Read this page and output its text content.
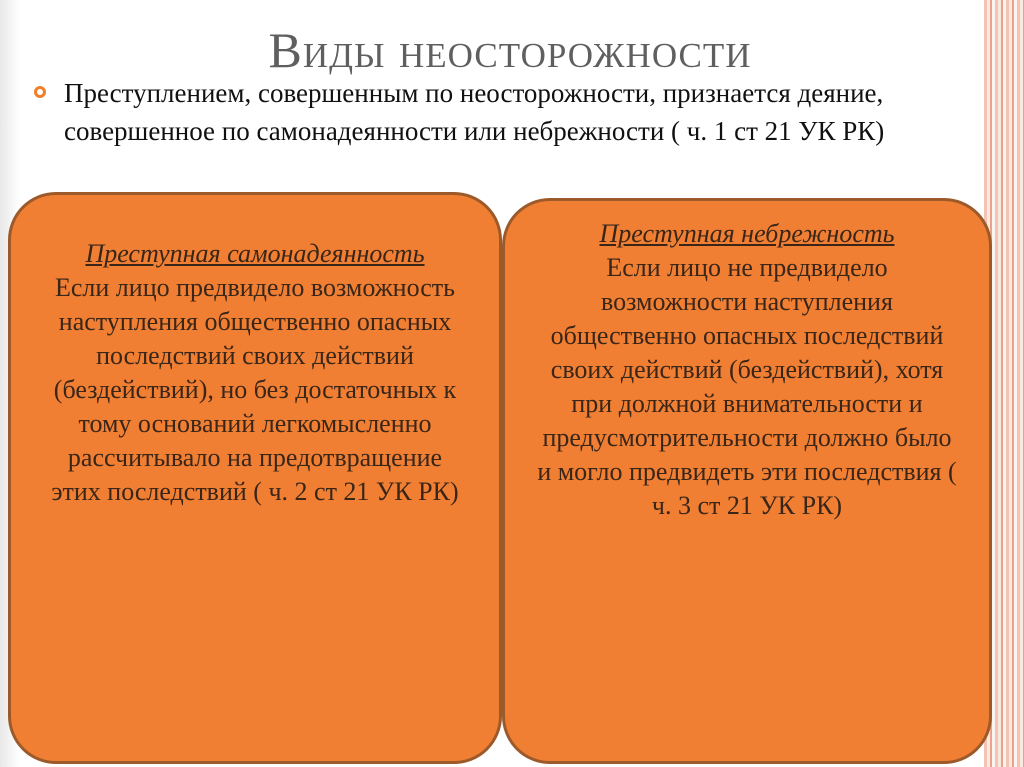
Виды неосторожности
Преступлением, совершенным по неосторожности, признается деяние, совершенное по самонадеянности или небрежности ( ч. 1 ст 21 УК РК)
Преступная самонадеянность
Если лицо предвидело возможность наступления общественно опасных последствий своих действий (бездействий), но без достаточных к тому оснований легкомысленно рассчитывало на предотвращение этих последствий ( ч. 2 ст 21 УК РК)
Преступная небрежность
Если лицо не предвидело возможности наступления общественно опасных последствий своих действий (бездействий), хотя при должной внимательности и предусмотрительности должно было и могло предвидеть эти последствия ( ч. 3 ст 21 УК РК)
